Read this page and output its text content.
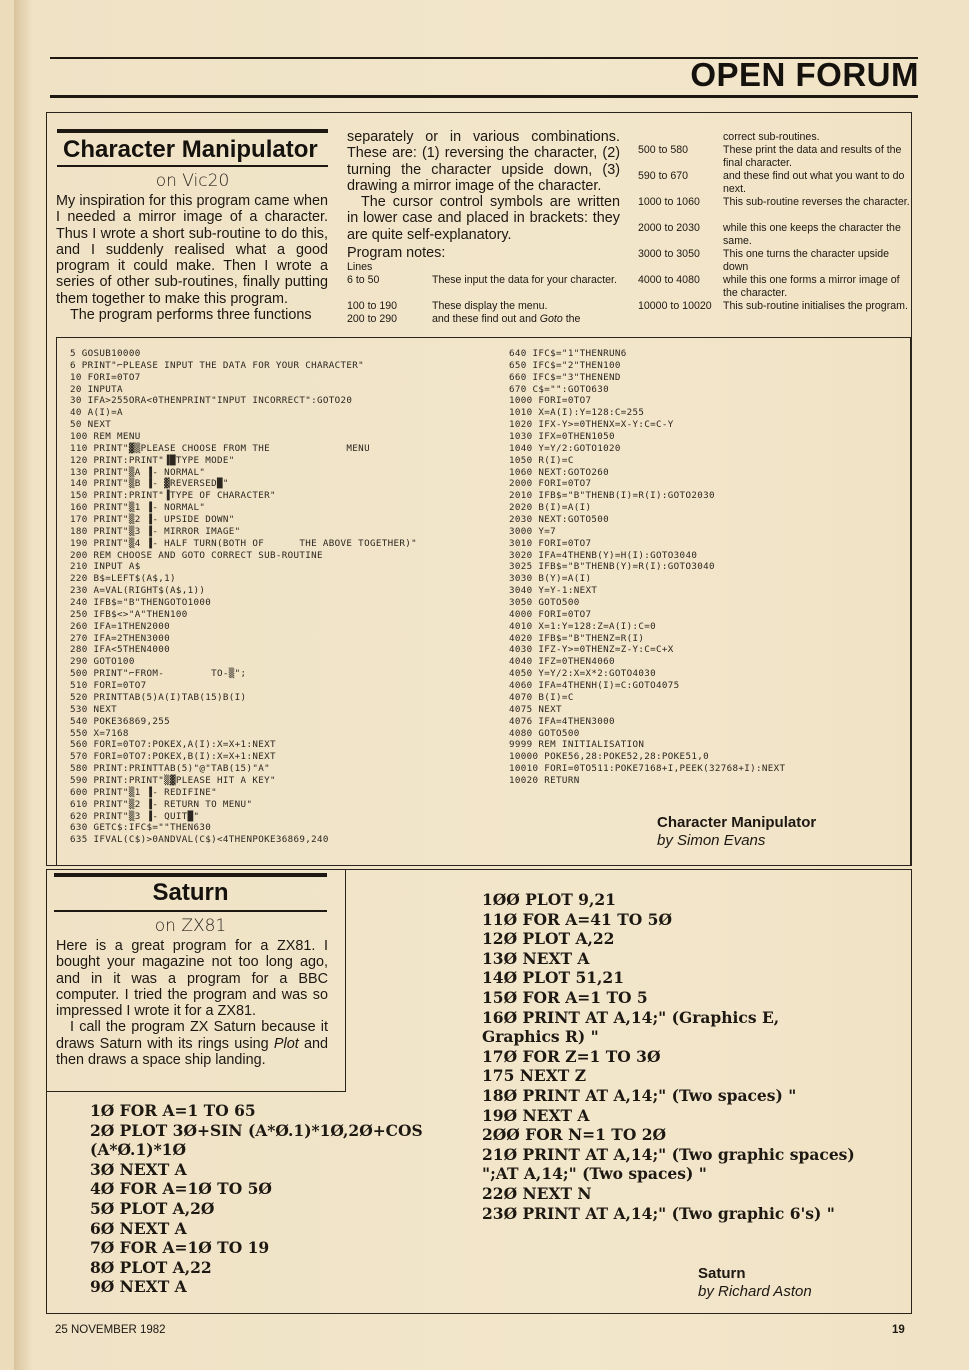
OPEN FORUM
Character Manipulator
on Vic20

My inspiration for this program came when I needed a mirror image of a character. Thus I wrote a short sub-routine to do this, and I suddenly realised what a good program it could make. Then I wrote a series of other sub-routines, finally putting them together to make this program.

The program performs three functions

separately or in various combinations. These are: (1) reversing the character, (2) turning the character upside down, (3) drawing a mirror image of the character.

The cursor control symbols are written in lower case and placed in brackets: they are quite self-explanatory.

Program notes:
Lines
6 to 50	These input the data for your character.
100 to 190	These display the menu.
200 to 290	and these find out and Goto the
correct sub-routines.
500 to 580	These print the data and results of the final character.
590 to 670	and these find out what you want to do next.
1000 to 1060 This sub-routine reverses the character.
2000 to 2030 while this one keeps the character the same.
3000 to 3050 This one turns the character upside down
4000 to 4080 while this one forms a mirror image of the character.
10000 to 10020 This sub-routine initialises the program.
5 GOSUB10000
6 PRINT"⌐PLEASE INPUT THE DATA FOR YOUR CHARACTER"
10 FORI=0TO7
20 INPUTA
30 IFA>255ORA<0THENPRINT"INPUT INCORRECT":GOTO20
40 A(I)=A
50 NEXT
100 REM MENU
110 PRINT"▓▒PLEASE CHOOSE FROM THE             MENU
120 PRINT:PRINT"▐█TYPE MODE"
130 PRINT"▒A ▐- NORMAL"
140 PRINT"▒B ▐- ▓REVERSED█"
150 PRINT:PRINT"▐TYPE OF CHARACTER"
160 PRINT"▒1 ▐- NORMAL"
170 PRINT"▒2 ▐- UPSIDE DOWN"
180 PRINT"▒3 ▐- MIRROR IMAGE"
190 PRINT"▒4 ▐- HALF TURN(BOTH OF      THE ABOVE TOGETHER)"
200 REM CHOOSE AND GOTO CORRECT SUB-ROUTINE
210 INPUT A$
220 B$=LEFT$(A$,1)
230 A=VAL(RIGHT$(A$,1))
240 IFB$="B"THENGOTO1000
250 IFB$<>"A"THEN100
260 IFA=1THEN2000
270 IFA=2THEN3000
280 IFA<5THEN4000
290 GOTO100
500 PRINT"⌐FROM-        TO-▒";
510 FORI=0TO7
520 PRINTTAB(5)A(I)TAB(15)B(I)
530 NEXT
540 POKE36869,255
550 X=7168
560 FORI=0TO7:POKEX,A(I):X=X+1:NEXT
570 FORI=0TO7:POKEX,B(I):X=X+1:NEXT
580 PRINT:PRINTTAB(5)"@"TAB(15)"A"
590 PRINT:PRINT"▒▓PLEASE HIT A KEY"
600 PRINT"▒1 ▐- REDIFINE"
610 PRINT"▒2 ▐- RETURN TO MENU"
620 PRINT"▒3 ▐- QUIT█"
630 GETC$:IFC$=""THEN630
635 IFVAL(C$)>0ANDVAL(C$)<4THENPOKE36869,240
640 IFC$="1"THENRUN6
650 IFC$="2"THEN100
660 IFC$="3"THENEND
670 C$="":GOTO630
1000 FORI=0TO7
1010 X=A(I):Y=128:C=255
1020 IFX-Y>=0THENX=X-Y:C=C-Y
1030 IFX=0THEN1050
1040 Y=Y/2:GOTO1020
1050 R(I)=C
1060 NEXT:GOTO260
2000 FORI=0TO7
2010 IFB$="B"THENB(I)=R(I):GOTO2030
2020 B(I)=A(I)
2030 NEXT:GOTO500
3000 Y=7
3010 FORI=0TO7
3020 IFA=4THENB(Y)=H(I):GOTO3040
3025 IFB$="B"THENB(Y)=R(I):GOTO3040
3030 B(Y)=A(I)
3040 Y=Y-1:NEXT
3050 GOTO500
4000 FORI=0TO7
4010 X=1:Y=128:Z=A(I):C=0
4020 IFB$="B"THENZ=R(I)
4030 IFZ-Y>=0THENZ=Z-Y:C=C+X
4040 IFZ=0THEN4060
4050 Y=Y/2:X=X*2:GOTO4030
4060 IFA=4THENH(I)=C:GOTO4075
4070 B(I)=C
4075 NEXT
4076 IFA=4THEN3000
4080 GOTO500
9999 REM INITIALISATION
10000 POKE56,28:POKE52,28:POKE51,0
10010 FORI=0TO511:POKE7168+I,PEEK(32768+I):NEXT
10020 RETURN
Character Manipulator
by Simon Evans
Saturn
on ZX81

Here is a great program for a ZX81. I bought your magazine not too long ago, and in it was a program for a BBC computer. I tried the program and was so impressed I wrote it for a ZX81.

I call the program ZX Saturn because it draws Saturn with its rings using Plot and then draws a space ship landing.

1Ø FOR A=1 TO 65
2Ø PLOT 3Ø+SIN (A*Ø.1)*1Ø,2Ø+COS
(A*Ø.1)*1Ø
3Ø NEXT A
4Ø FOR A=1Ø TO 5Ø
5Ø PLOT A,2Ø
6Ø NEXT A
7Ø FOR A=1Ø TO 19
8Ø PLOT A,22
9Ø NEXT A
1ØØ PLOT 9,21
11Ø FOR A=41 TO 5Ø
12Ø PLOT A,22
13Ø NEXT A
14Ø PLOT 51,21
15Ø FOR A=1 TO 5
16Ø PRINT AT A,14;" (Graphics E,
Graphics R) "
17Ø FOR Z=1 TO 3Ø
175 NEXT Z
18Ø PRINT AT A,14;" (Two spaces) "
19Ø NEXT A
2ØØ FOR N=1 TO 2Ø
21Ø PRINT AT A,14;" (Two graphic spaces)
";AT A,14;" (Two spaces) "
22Ø NEXT N
23Ø PRINT AT A,14;" (Two graphic 6's) "
Saturn
by Richard Aston
25 NOVEMBER 1982	19
